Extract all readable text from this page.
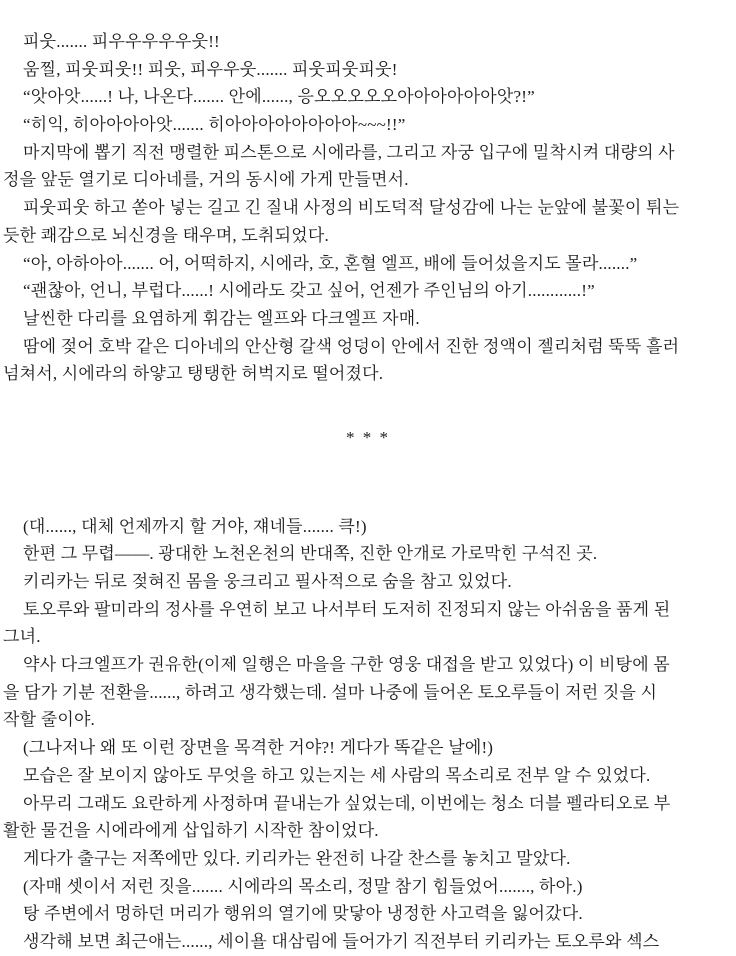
피웃....... 피우우우우우웃!!
움찔, 피웃피웃!! 피웃, 피우우웃....... 피웃피웃피웃!
“앗아앗......! 나, 나온다....... 안에......, 응오오오오오아아아아아아앗?!”
“히익, 히아아아아앗....... 히아아아아아아아아~~~!!”
마지막에 뽑기 직전 맹렬한 피스톤으로 시에라를, 그리고 자궁 입구에 밀착시켜 대량의 사
정을 앞둔 열기로 디아네를, 거의 동시에 가게 만들면서.
피웃피웃 하고 쏟아 넣는 길고 긴 질내 사정의 비도덕적 달성감에 나는 눈앞에 불꽃이 튀는
듯한 쾌감으로 뇌신경을 태우며, 도취되었다.
“아, 아하아아....... 어, 어떡하지, 시에라, 호, 혼혈 엘프, 배에 들어섰을지도 몰라.......”
“괜찮아, 언니, 부럽다......! 시에라도 갖고 싶어, 언젠가 주인님의 아기............!”
날씬한 다리를 요염하게 휘감는 엘프와 다크엘프 자매.
땀에 젖어 호박 같은 디아네의 안산형 갈색 엉덩이 안에서 진한 정액이 젤리처럼 뚝뚝 흘러
넘쳐서, 시에라의 하얗고 탱탱한 허벅지로 떨어졌다.
* * *
(대......, 대체 언제까지 할 거야, 쟤네들....... 큭!)
한편 그 무렵——. 광대한 노천온천의 반대쪽, 진한 안개로 가로막힌 구석진 곳.
키리카는 뒤로 젖혀진 몸을 웅크리고 필사적으로 숨을 참고 있었다.
토오루와 팔미라의 정사를 우연히 보고 나서부터 도저히 진정되지 않는 아쉬움을 품게 된
그녀.
약사 다크엘프가 권유한(이제 일행은 마을을 구한 영웅 대접을 받고 있었다) 이 비탕에 몸
을 담가 기분 전환을......, 하려고 생각했는데. 설마 나중에 들어온 토오루들이 저런 짓을 시
작할 줄이야.
(그나저나 왜 또 이런 장면을 목격한 거야?! 게다가 똑같은 날에!)
모습은 잘 보이지 않아도 무엇을 하고 있는지는 세 사람의 목소리로 전부 알 수 있었다.
아무리 그래도 요란하게 사정하며 끝내는가 싶었는데, 이번에는 청소 더블 펠라티오로 부
활한 물건을 시에라에게 삽입하기 시작한 참이었다.
게다가 출구는 저쪽에만 있다. 키리카는 완전히 나갈 찬스를 놓치고 말았다.
(자매 셋이서 저런 짓을....... 시에라의 목소리, 정말 참기 힘들었어......., 하아.)
탕 주변에서 멍하던 머리가 행위의 열기에 맞닿아 냉정한 사고력을 잃어갔다.
생각해 보면 최근애는......, 세이욜 대삼림에 들어가기 직전부터 키리카는 토오루와 섹스
